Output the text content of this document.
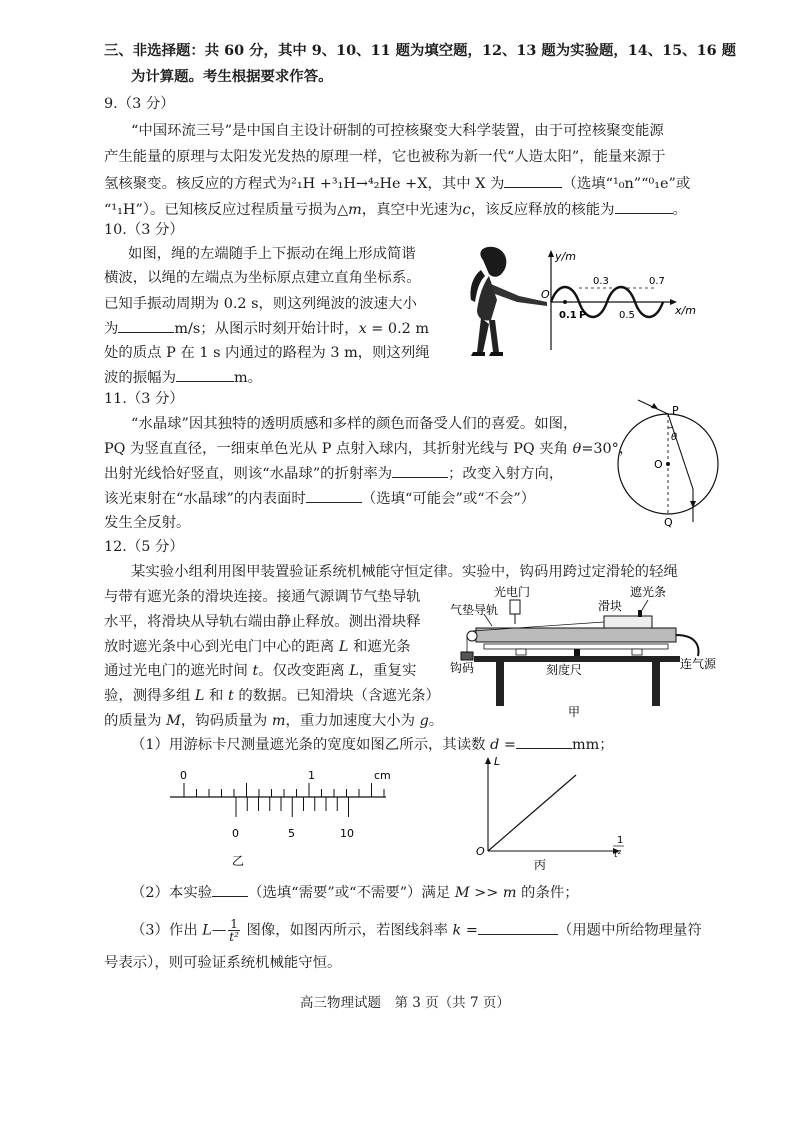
三、非选择题：共 60 分，其中 9、10、11 题为填空题，12、13 题为实验题，14、15、16 题
为计算题。考生根据要求作答。
9.（3 分）
“中国环流三号”是中国自主设计研制的可控核聚变大科学装置，由于可控核聚变能源
产生能量的原理与太阳发光发热的原理一样，它也被称为新一代“人造太阳”，能量来源于
氢核聚变。核反应的方程式为²₁H +³₁H→⁴₂He +X，其中 X 为	（选填“¹₀n”“⁰₁e”或
“¹₁H”）。已知核反应过程质量亏损为△m，真空中光速为c，该反应释放的核能为	。
10.（3 分）
如图，绳的左端随手上下振动在绳上形成简谐
横波，以绳的左端点为坐标原点建立直角坐标系。
已知手振动周期为 0.2 s，则这列绳波的波速大小
为	m/s；从图示时刻开始计时，x = 0.2 m
处的质点 P 在 1 s 内通过的路程为 3 m，则这列绳
波的振幅为	m。
y/m
x/m
O
0.3	0.7
0.1 P	0.5
11.（3 分）
“水晶球”因其独特的透明质感和多样的颜色而备受人们的喜爱。如图，
PQ 为竖直直径，一细束单色光从 P 点射入球内，其折射光线与 PQ 夹角 θ=30°，
出射光线恰好竖直，则该“水晶球”的折射率为	；改变入射方向，
该光束射在“水晶球”的内表面时	（选填“可能会”或“不会”）
发生全反射。
P
Q
O
θ
12.（5 分）
某实验小组利用图甲装置验证系统机械能守恒定律。实验中，钩码用跨过定滑轮的轻绳
与带有遮光条的滑块连接。接通气源调节气垫导轨
水平，将滑块从导轨右端由静止释放。测出滑块释
放时遮光条中心到光电门中心的距离 L 和遮光条
通过光电门的遮光时间 t。仅改变距离 L，重复实
验，测得多组 L 和 t 的数据。已知滑块（含遮光条）
的质量为 M，钩码质量为 m，重力加速度大小为 g。
光电门
气垫导轨	滑块
遮光条
钩码	刻度尺	连气源
甲
（1）用游标卡尺测量遮光条的宽度如图乙所示，其读数 d =	mm；
0	1	cm
0	5	10
乙
L
O
1
t²
丙
（2）本实验	（选填“需要”或“不需要”）满足 M >> m 的条件；
（3）作出 L— $\frac{1}{\text{t²}}$ 图像，如图丙所示，若图线斜率 k =	（用题中所给物理量符
号表示），则可验证系统机械能守恒。
高三物理试题　第 3 页（共 7 页）
